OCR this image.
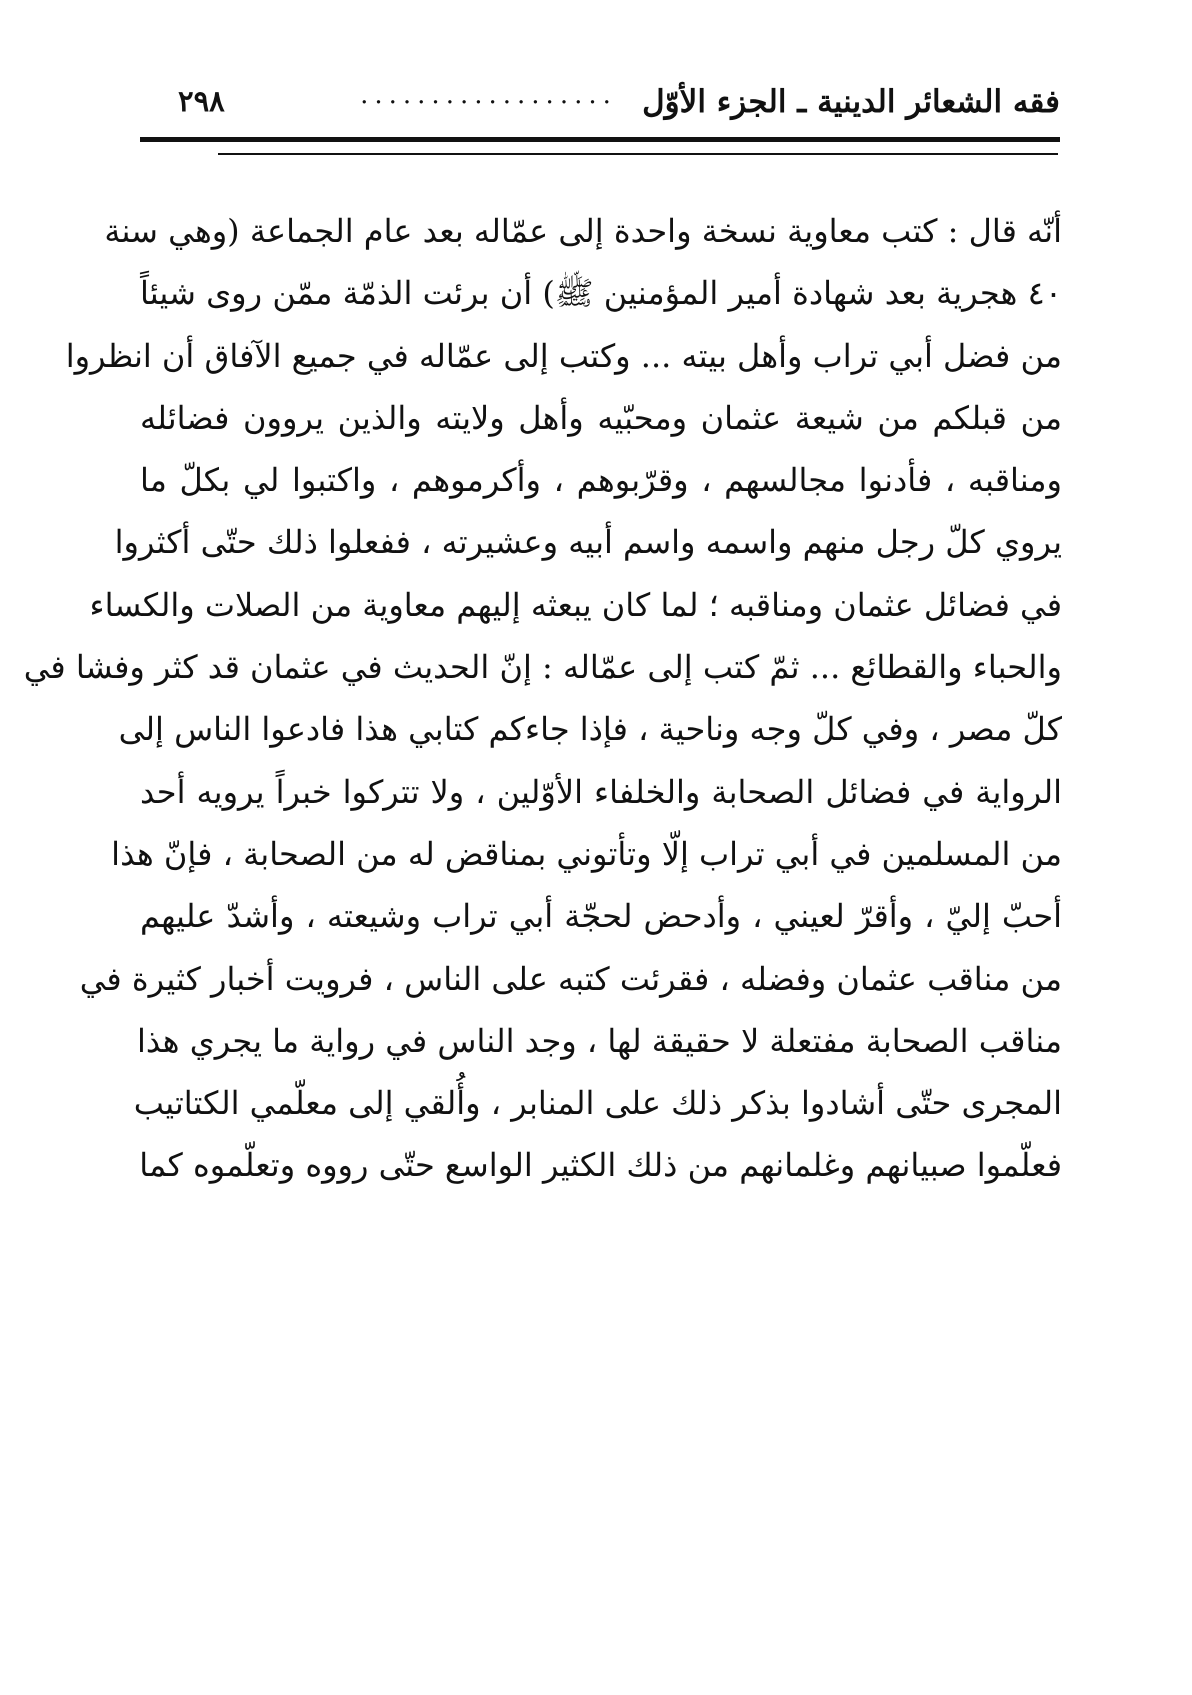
فقه الشعائر الدينية ـ الجزء الأوّل
..................
٢٩٨
أنّه قال : كتب معاوية نسخة واحدة إلى عمّاله بعد عام الجماعة (وهي سنة
٤٠ هجرية بعد شهادة أمير المؤمنين ﷺ) أن برئت الذمّة ممّن روى شيئاً
من فضل أبي تراب وأهل بيته ... وكتب إلى عمّاله في جميع الآفاق أن انظروا
من قبلكم من شيعة عثمان ومحبّيه وأهل ولايته والذين يروون فضائله
ومناقبه ، فأدنوا مجالسهم ، وقرّبوهم ، وأكرموهم ، واكتبوا لي بكلّ ما
يروي كلّ رجل منهم واسمه واسم أبيه وعشيرته ، ففعلوا ذلك حتّى أكثروا
في فضائل عثمان ومناقبه ؛ لما كان يبعثه إليهم معاوية من الصلات والكساء
والحباء والقطائع ... ثمّ كتب إلى عمّاله : إنّ الحديث في عثمان قد كثر وفشا في
كلّ مصر ، وفي كلّ وجه وناحية ، فإذا جاءكم كتابي هذا فادعوا الناس إلى
الرواية في فضائل الصحابة والخلفاء الأوّلين ، ولا تتركوا خبراً يرويه أحد
من المسلمين في أبي تراب إلّا وتأتوني بمناقض له من الصحابة ، فإنّ هذا
أحبّ إليّ ، وأقرّ لعيني ، وأدحض لحجّة أبي تراب وشيعته ، وأشدّ عليهم
من مناقب عثمان وفضله ، فقرئت كتبه على الناس ، فرويت أخبار كثيرة في
مناقب الصحابة مفتعلة لا حقيقة لها ، وجد الناس في رواية ما يجري هذا
المجرى حتّى أشادوا بذكر ذلك على المنابر ، وأُلقي إلى معلّمي الكتاتيب
فعلّموا صبيانهم وغلمانهم من ذلك الكثير الواسع حتّى رووه وتعلّموه كما
